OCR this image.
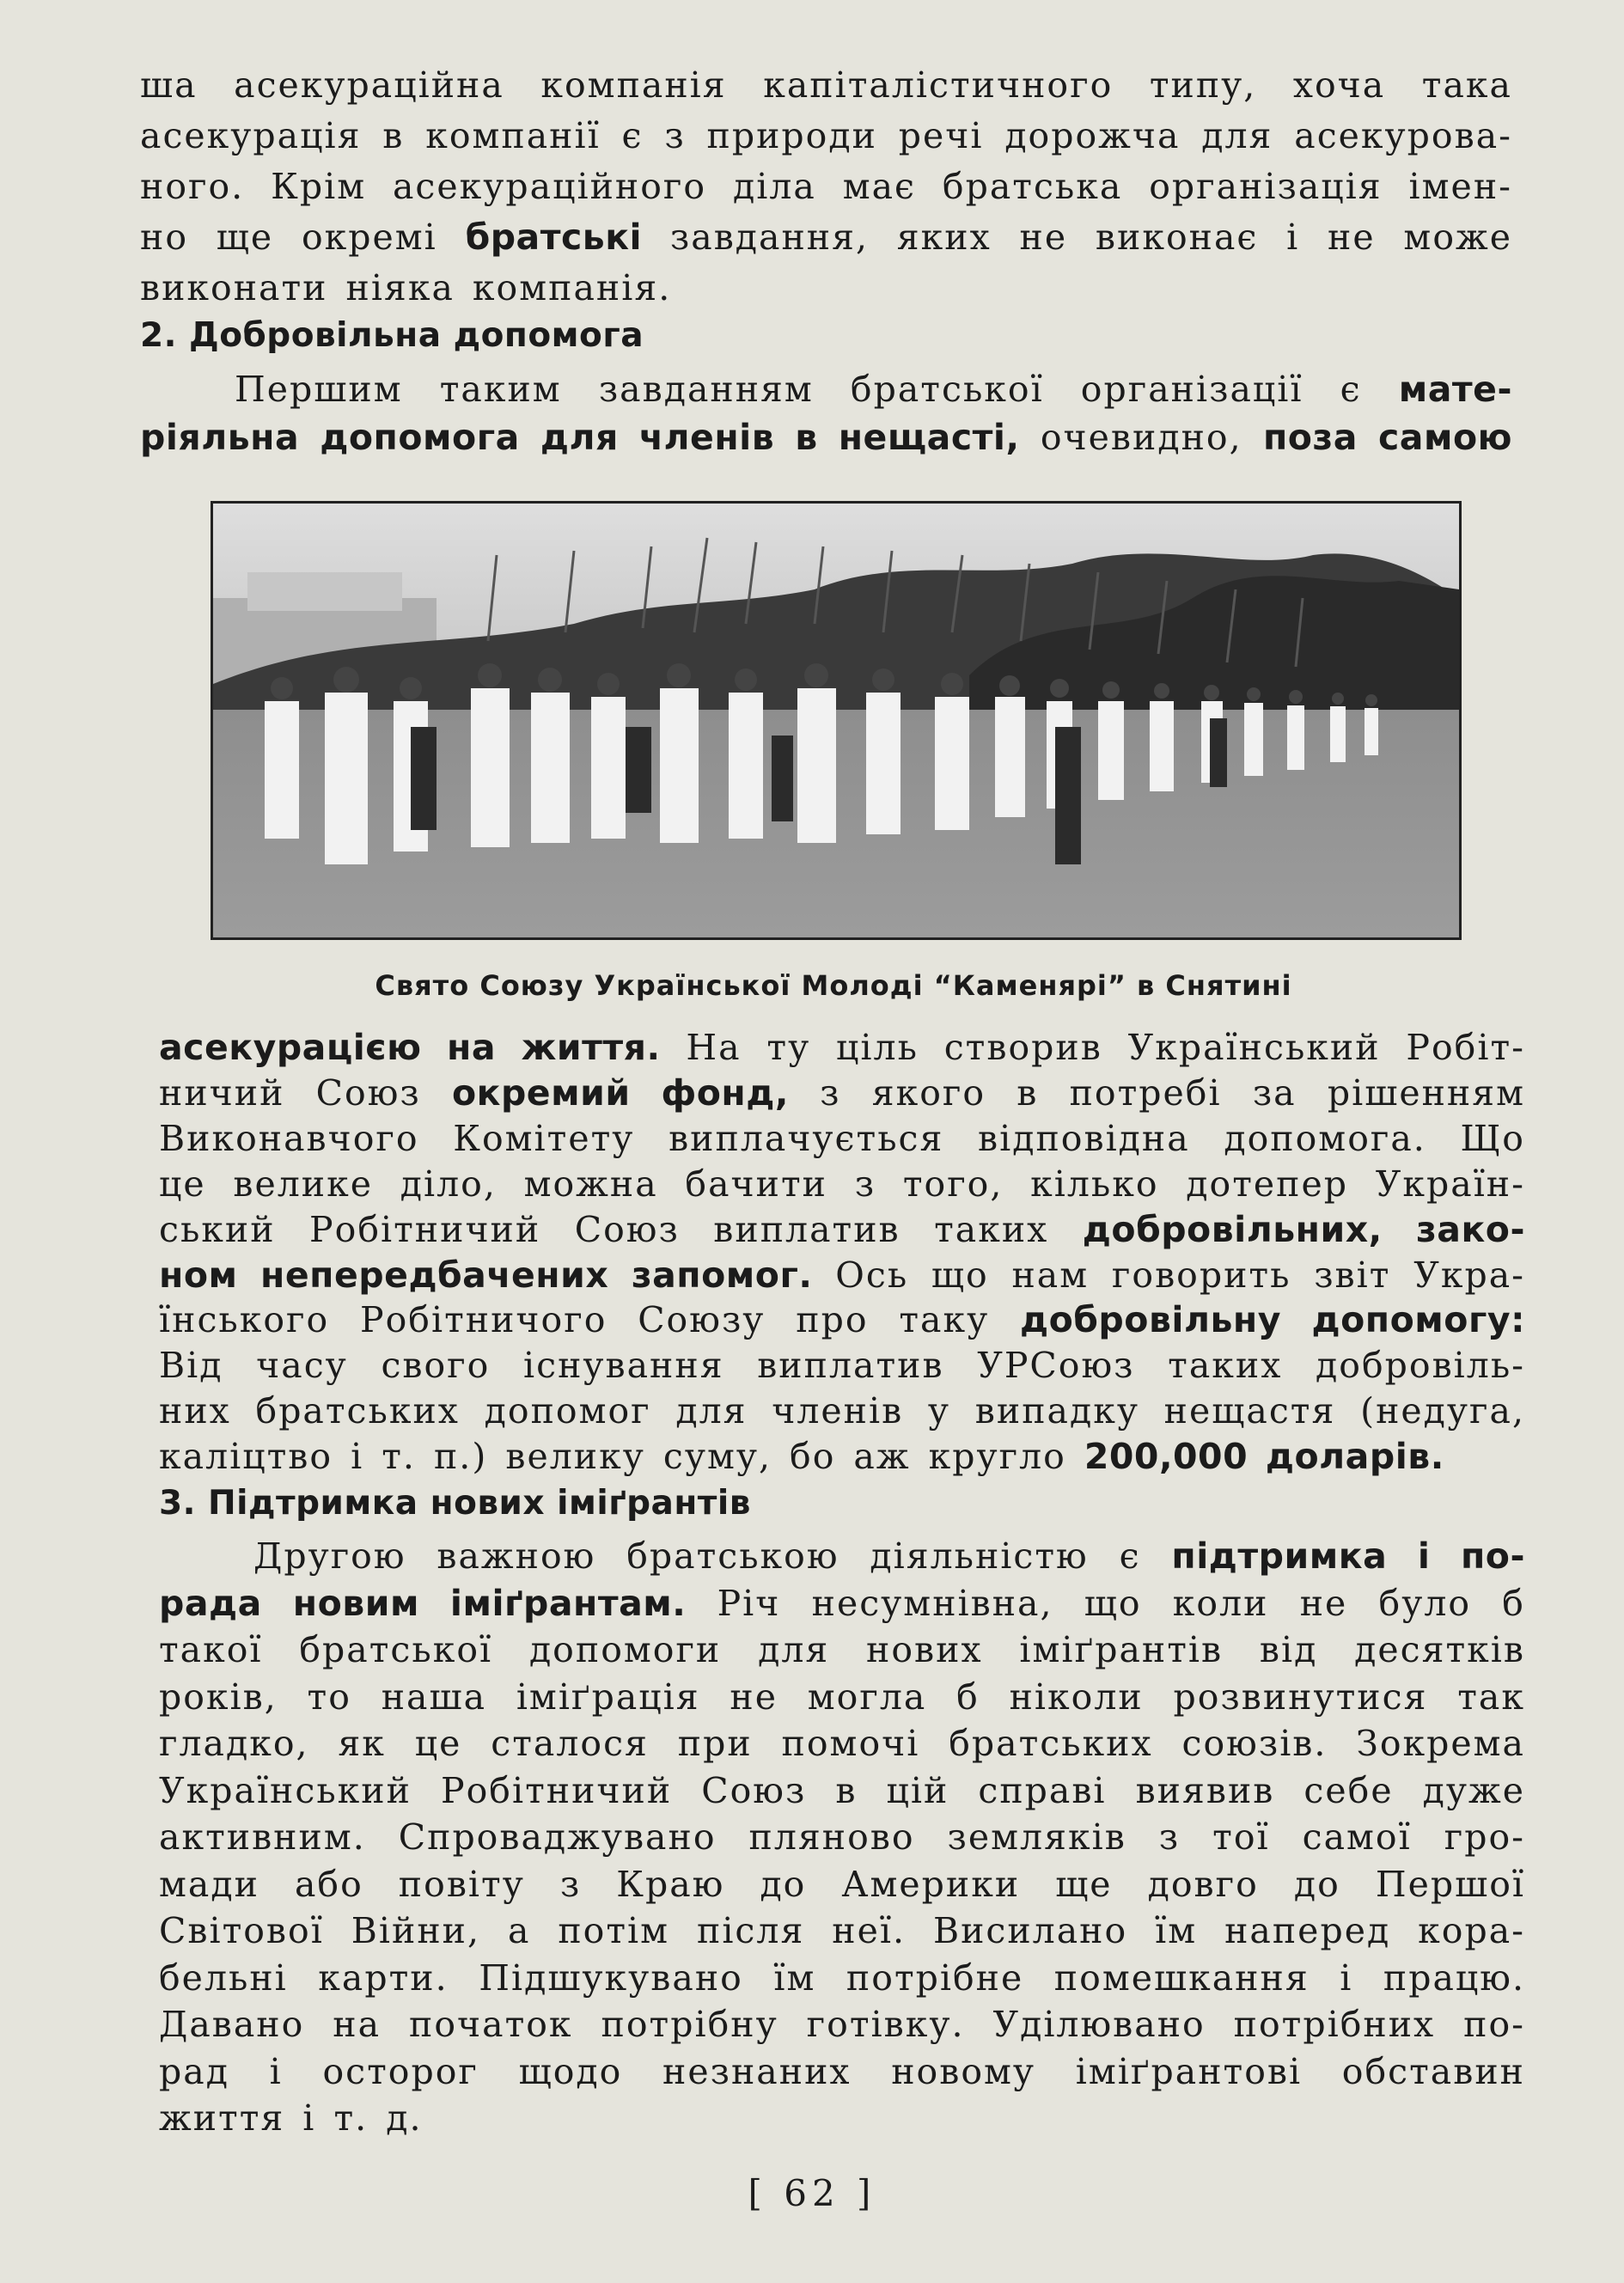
ша асекураційна компанія капіталістичного типу, хоча така
асекурація в компанії є з природи речі дорожча для асекурова-
ного. Крім асекураційного діла має братська організація імен-
но ще окремі братські завдання, яких не виконає і не може
виконати ніяка компанія.
2. Добровільна допомога
Першим таким завданням братської організації є мате-
ріяльна допомога для членів в нещасті, очевидно, поза самою
Свято Союзу Української Молоді “Каменярі” в Снятині
асекурацією на життя. На ту ціль створив Український Робіт-
ничий Союз окремий фонд, з якого в потребі за рішенням
Виконавчого Комітету виплачується відповідна допомога. Що
це велике діло, можна бачити з того, кілько дотепер Україн-
ський Робітничий Союз виплатив таких добровільних, зако-
ном непередбачених запомог. Ось що нам говорить звіт Укра-
їнського Робітничого Союзу про таку добровільну допомогу:
Від часу свого існування виплатив УРСоюз таких добровіль-
них братських допомог для членів у випадку нещастя (недуга,
каліцтво і т. п.) велику суму, бо аж кругло 200,000 доларів.
3. Підтримка нових іміґрантів
Другою важною братською діяльністю є підтримка і по-
рада новим іміґрантам. Річ несумнівна, що коли не було б
такої братської допомоги для нових іміґрантів від десятків
років, то наша іміґрація не могла б ніколи розвинутися так
гладко, як це сталося при помочі братських союзів. Зокрема
Український Робітничий Союз в цій справі виявив себе дуже
активним. Спроваджувано пляново земляків з тої самої гро-
мади або повіту з Краю до Америки ще довго до Першої
Світової Війни, а потім після неї. Висилано їм наперед кора-
бельні карти. Підшукувано їм потрібне помешкання і працю.
Давано на початок потрібну готівку. Уділювано потрібних по-
рад і осторог щодо незнаних новому іміґрантові обставин
життя і т. д.
[ 62 ]
